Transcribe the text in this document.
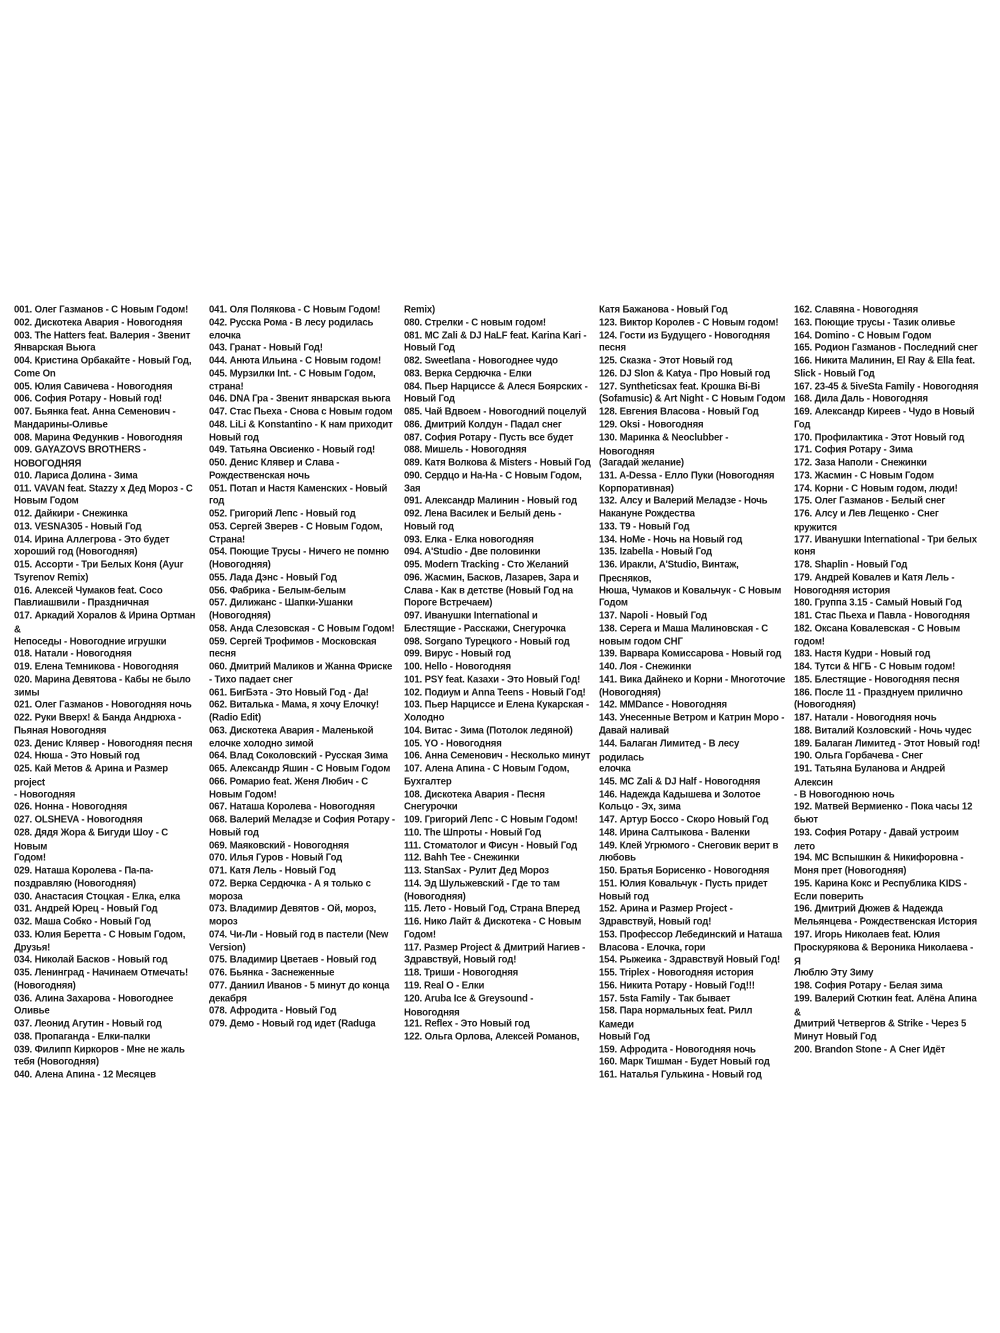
001. Олег Газманов - С Новым Годом!

002. Дискотека Авария - Новогодняя

003. The Hatters feat. Валерия - Звенит

Январская Вьюга

004. Кристина Орбакайте - Новый Год,

Come On

005. Юлия Савичева - Новогодняя

006. София Ротару - Новый год!

007. Бьянка feat. Анна Семенович -

Мандарины-Оливье

008. Марина Федункив - Новогодняя

009. GAYAZOVS BROTHERS - НОВОГОДНЯЯ

010. Лариса Долина - Зима

011. VAVAN feat. Stazzy х Дед Мороз - С

Новым Годом

012. Дайкири - Снежинка

013. VESNA305 - Новый Год

014. Ирина Аллегрова - Это будет

хороший год (Новогодняя)

015. Ассорти - Три Белых Коня (Ayur

Tsyrenov Remix)

016. Алексей Чумаков feat. Coco

Павлиашвили - Праздничная

017. Аркадий Хоралов & Ирина Ортман &

Непоседы - Новогодние игрушки

018. Натали - Новогодняя

019. Елена Темникова - Новогодняя

020. Марина Девятова - Кабы не было

зимы

021. Олег Газманов - Новогодняя ночь

022. Руки Вверх! & Банда Андрюха -

Пьяная Новогодняя

023. Денис Клявер - Новогодняя песня

024. Нюша - Это Новый год

025. Кай Метов & Арина и Размер project

- Новогодняя

026. Нонна - Новогодняя

027. OLSHEVA - Новогодняя

028. Дядя Жора & Бигуди Шоу - С Новым

Годом!

029. Наташа Королева - Па-па-

поздравляю (Новогодняя)

030. Анастасия Стоцкая - Елка, елка

031. Андрей Юрец - Новый Год

032. Маша Собко - Новый Год

033. Юлия Беретта - С Новым Годом,

Друзья!

034. Николай Басков - Новый год

035. Ленинград - Начинаем Отмечать!

(Новогодняя)

036. Алина Захарова - Новогоднее

Оливье

037. Леонид Агутин - Новый год

038. Пропаганда - Елки-палки

039. Филипп Киркоров - Мне не жаль

тебя (Новогодняя)

040. Алена Апина - 12 Месяцев

041. Оля Полякова - С Новым Годом!

042. Русска Рома - В лесу родилась

елочка

043. Гранат - Новый Год!

044. Анюта Ильина - С Новым годом!

045. Мурзилки Int. - С Новым Годом,

страна!

046. DNA Гра - Звенит январская вьюга

047. Стас Пьеха - Снова с Новым годом

048. LiLi & Konstantino - К нам приходит

Новый год

049. Татьяна Овсиенко - Новый год!

050. Денис Клявер и Слава -

Рождественская ночь

051. Потап и Настя Каменских - Новый

год

052. Григорий Лепс - Новый год

053. Сергей Зверев - С Новым Годом,

Страна!

054. Поющие Трусы - Ничего не помню

(Новогодняя)

055. Лада Дэнс - Новый Год

056. Фабрика - Белым-белым

057. Дилижанс - Шапки-Ушанки

(Новогодняя)

058. Анда Слезовская - С Новым Годом!

059. Сергей Трофимов - Московская

песня

060. Дмитрий Маликов и Жанна Фриске

- Тихо падает снег

061. БигБэта - Это Новый Год - Да!

062. Виталька - Мама, я хочу Елочку!

(Radio Edit)

063. Дискотека Авария - Маленькой

елочке холодно зимой

064. Влад Соколовский - Русская Зима

065. Александр Яшин - С Новым Годом

066. Ромарио feat. Женя Любич - С

Новым Годом!

067. Наташа Королева - Новогодняя

068. Валерий Меладзе и София Ротару -

Новый год

069. Маяковский - Новогодняя

070. Илья Гуров - Новый Год

071. Катя Лель - Новый Год

072. Верка Сердючка - А я только с

мороза

073. Владимир Девятов - Ой, мороз,

мороз

074. Чи-Ли - Новый год в пастели (New

Version)

075. Владимир Цветаев - Новый год

076. Бьянка - Заснеженные

077. Даниил Иванов - 5 минут до конца

декабря

078. Афродита - Новый Год

079. Демо - Новый год идет (Raduga

Remix)

080. Стрелки - С новым годом!

081. MC Zali & DJ HaLF feat. Karina Kari -

Новый Год

082. Sweetlana - Новогоднее чудо

083. Верка Сердючка - Елки

084. Пьер Нарциссе & Алеся Боярских -

Новый Год

085. Чай Вдвоем - Новогодний поцелуй

086. Дмитрий Колдун - Падал снег

087. София Ротару - Пусть все будет

088. Мишель - Новогодняя

089. Катя Волкова & Misters - Новый Год

090. Сердцо и На-На - С Новым Годом,

Зая

091. Александр Малинин - Новый год

092. Лена Василек и Белый день -

Новый год

093. Елка - Елка новогодняя

094. A'Studio - Две половинки

095. Modern Tracking - Сто Желаний

096. Жасмин, Басков, Лазарев, Зара и

Слава - Как в детстве (Новый Год на

Пороге Встречаем)

097. Иванушки International и

Блестящие - Расскажи, Снегурочка

098. Sorgano Турецкого - Новый год

099. Вирус - Новый год

100. Hello - Новогодняя

101. PSY feat. Казахи - Это Новый Год!

102. Подиум и Anna Teens - Новый Год!

103. Пьер Нарциссе и Елена Кукарская -

Холодно

104. Витас - Зима (Потолок ледяной)

105. YO - Новогодняя

106. Анна Семенович - Несколько минут

107. Алена Апина - С Новым Годом,

Бухгалтер

108. Дискотека Авария - Песня

Снегурочки

109. Григорий Лепс - С Новым Годом!

110. The Шпроты - Новый Год

111. Стоматолог и Фисун - Новый Год

112. Bahh Tee - Снежинки

113. StanSax - Рулит Дед Мороз

114. Эд Шульжевский - Где то там

(Новогодняя)

115. Лето - Новый Год, Страна Вперед

116. Нико Лайт & Дискотека - С Новым

Годом!

117. Размер Project & Дмитрий Нагиев -

Здравствуй, Новый год!

118. Триши - Новогодняя

119. Real O - Елки

120. Aruba Ice & Greysound - Новогодняя

121. Reflex - Это Новый год

122. Ольга Орлова, Алексей Романов,

Катя Бажанова - Новый Год

123. Виктор Королев - С Новым годом!

124. Гости из Будущего - Новогодняя

песня

125. Сказка - Этот Новый год

126. DJ Slon & Katya - Про Новый год

127. Syntheticsax feat. Крошка Bi-Bi

(Sofamusic) & Art Night - С Новым Годом

128. Евгения Власова - Новый Год

129. Oksi - Новогодняя

130. Маринка & Neoclubber - Новогодняя

(Загадай желание)

131. A-Dessa - Елло Пуки (Новогодняя

Корпоративная)

132. Алсу и Валерий Меладзе - Ночь

Накануне Рождества

133. Т9 - Новый Год

134. НоМе - Ночь на Новый год

135. Izabella - Новый Год

136. Иракли, A'Studio, Винтаж, Пресняков,

Нюша, Чумаков и Ковальчук - С Новым

Годом

137. Napoli - Новый Год

138. Серега и Маша Малиновская - С

новым годом СНГ

139. Варвара Комиссарова - Новый год

140. Лоя - Снежинки

141. Вика Дайнеко и Корни - Многоточие

(Новогодняя)

142. MMDance - Новогодняя

143. Унесенные Ветром и Катрин Моро -

Давай наливай

144. Балаган Лимитед - В лесу родилась

елочка

145. MC Zali & DJ Half - Новогодняя

146. Надежда Кадышева и Золотое

Кольцо - Эх, зима

147. Артур Боссо - Скоро Новый Год

148. Ирина Салтыкова - Валенки

149. Клей Угрюмого - Снеговик верит в

любовь

150. Братья Борисенко - Новогодняя

151. Юлия Ковальчук - Пусть придет

Новый год

152. Арина и Размер Project -

Здравствуй, Новый год!

153. Профессор Лебединский и Наташа

Власова - Елочка, гори

154. Рыжеика - Здравствуй Новый Год!

155. Triplex - Новогодняя история

156. Никита Ротару - Новый Год!!!

157. 5sta Family - Так бывает

158. Пара нормальных feat. Рилл Камеди

Новый Год

159. Афродита - Новогодняя ночь

160. Марк Тишман - Будет Новый год

161. Наталья Гулькина - Новый год

162. Славяна - Новогодняя

163. Поющие трусы - Тазик оливье

164. Domino - С Новым Годом

165. Родион Газманов - Последний снег

166. Никита Малинин, El Ray & Ella feat.

Slick - Новый Год

167. 23-45 & 5ivеSta Family - Новогодняя

168. Дила Даль - Новогодняя

169. Александр Киреев - Чудо в Новый

Год

170. Профилактика - Этот Новый год

171. София Ротару - Зима

172. Заза Наполи - Снежинки

173. Жасмин - С Новым Годом

174. Корни - С Новым годом, люди!

175. Олег Газманов - Белый снег

176. Алсу и Лев Лещенко - Снег кружится

177. Иванушки International - Три белых

коня

178. Shaplin - Новый Год

179. Андрей Ковалев и Катя Лель -

Новогодняя история

180. Группа 3.15 - Самый Новый Год

181. Стас Пьеха и Павла - Новогодняя

182. Оксана Ковалевская - С Новым

годом!

183. Настя Кудри - Новый год

184. Тутси & НГБ - С Новым годом!

185. Блестящие - Новогодняя песня

186. После 11 - Празднуем прилично

(Новогодняя)

187. Натали - Новогодняя ночь

188. Виталий Козловский - Ночь чудес

189. Балаган Лимитед - Этот Новый год!

190. Ольга Горбачева - Снег

191. Татьяна Буланова и Андрей Алексин

- В Новогоднюю ночь

192. Матвей Вермиенко - Пока часы 12

бьют

193. София Ротару - Давай устроим лето

194. MC Вспышкин & Никифоровна -

Моня прет (Новогодняя)

195. Карина Кокс и Республика KIDS -

Если поверить

196. Дмитрий Дюжев & Надежда

Мельянцева - Рождественская История

197. Игорь Николаев feat. Юлия

Проскурякова & Вероника Николаева - Я

Люблю Эту Зиму

198. София Ротару - Белая зима

199. Валерий Сюткин feat. Алёна Апина &

Дмитрий Четвергов & Strike - Через 5

Минут Новый Год

200. Brandon Stone - А Снег Идёт
